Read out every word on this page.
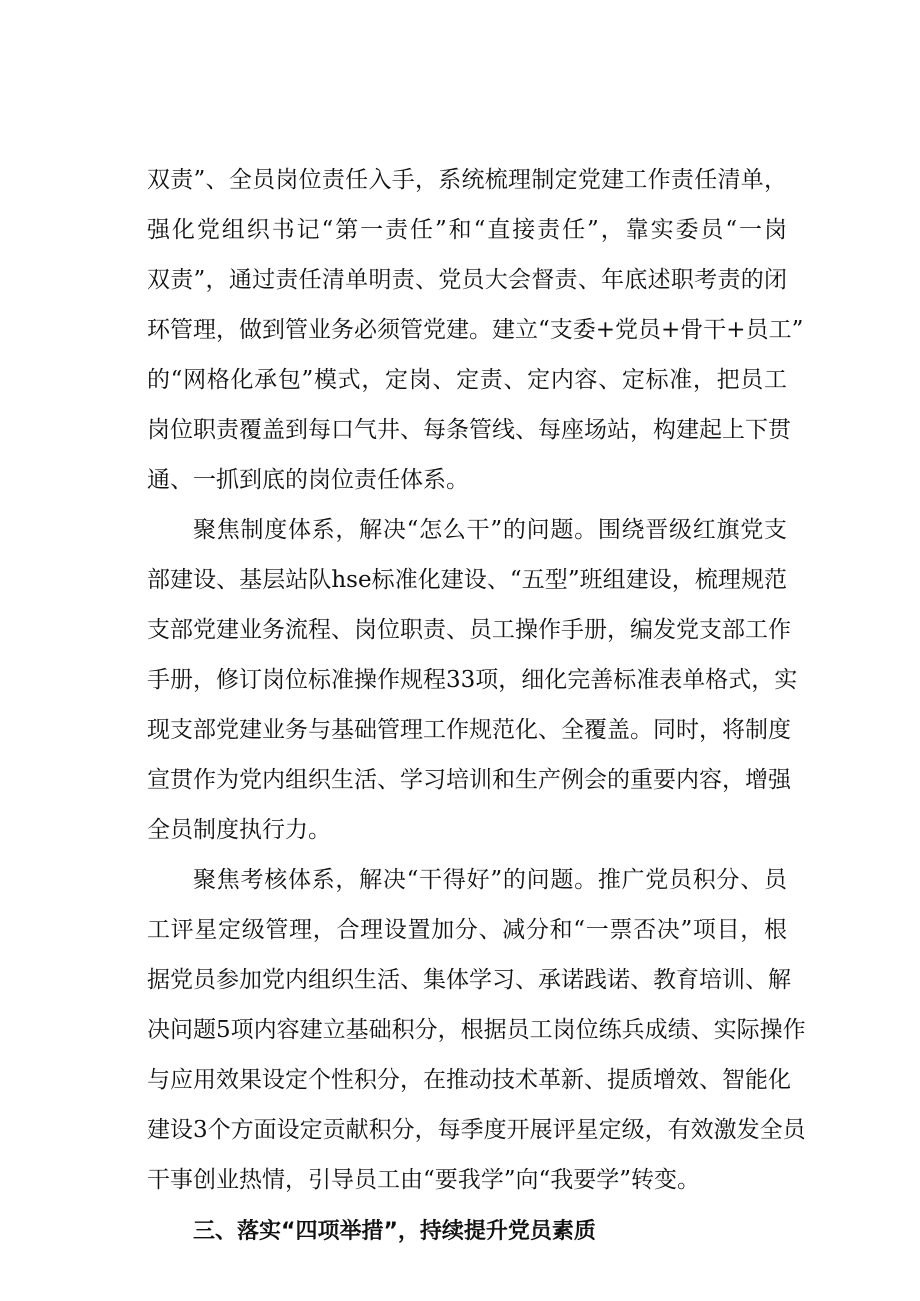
双责”、全员岗位责任入手，系统梳理制定党建工作责任清单，

强化党组织书记“第一责任”和“直接责任”，靠实委员“一岗

双责”，通过责任清单明责、党员大会督责、年底述职考责的闭

环管理，做到管业务必须管党建。建立“支委+党员+骨干+员工”

的“网格化承包”模式，定岗、定责、定内容、定标准，把员工

岗位职责覆盖到每口气井、每条管线、每座场站，构建起上下贯

通、一抓到底的岗位责任体系。

聚焦制度体系，解决“怎么干”的问题。围绕晋级红旗党支

部建设、基层站队hse标准化建设、“五型”班组建设，梳理规范

支部党建业务流程、岗位职责、员工操作手册，编发党支部工作

手册，修订岗位标准操作规程33项，细化完善标准表单格式，实

现支部党建业务与基础管理工作规范化、全覆盖。同时，将制度

宣贯作为党内组织生活、学习培训和生产例会的重要内容，增强

全员制度执行力。

聚焦考核体系，解决“干得好”的问题。推广党员积分、员

工评星定级管理，合理设置加分、减分和“一票否决”项目，根

据党员参加党内组织生活、集体学习、承诺践诺、教育培训、解

决问题5项内容建立基础积分，根据员工岗位练兵成绩、实际操作

与应用效果设定个性积分，在推动技术革新、提质增效、智能化

建设3个方面设定贡献积分，每季度开展评星定级，有效激发全员

干事创业热情，引导员工由“要我学”向“我要学”转变。

三、落实“四项举措”，持续提升党员素质
